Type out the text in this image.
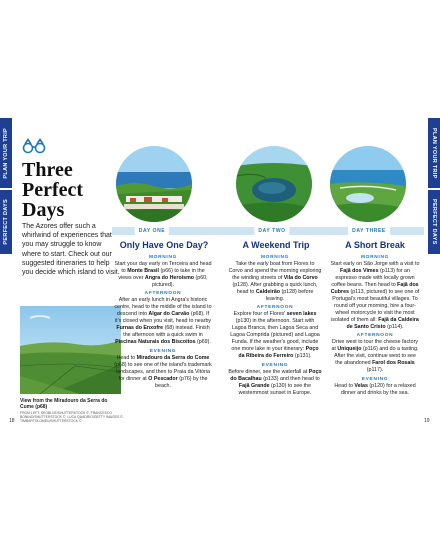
PLAN YOUR TRIP
PERFECT DAYS
PLAN YOUR TRIP
PERFECT DAYS
Three
Perfect
Days
The Azores offer such a whirlwind of experiences that you may struggle to know where to start. Check out our suggested itineraries to help you decide which island to visit.
View from the Miradouro da Serra do Cume (p68)
FROM LEFT: SEOBLUE/SHUTTERSTOCK ©, FRANCESCO BONINO/SHUTTERSTOCK ©, LUCA QUADRIO/GETTY IMAGES ©, TIMBARTOLOMEU/SHUTTERSTOCK ©
18	19
DAY ONE	DAY TWO	DAY THREE
Only Have One Day?	A Weekend Trip	A Short Break

MORNING

Start your day early on Terceira and head to Monte Brasil (p66) to take in the views over Angra do Heroísmo (p60, pictured).

AFTERNOON

After an early lunch in Angra's historic centre, head to the middle of the island to descend into Algar do Carvão (p68). If it's closed when you visit, head to nearby Furnas do Enxofre (68) instead. Finish the afternoon with a quick swim in Piscinas Naturais dos Biscoitos (p69).

EVENING

Head to Miradouro da Serra do Come (p68) to see one of the island's trademark landscapes, and then to Praia da Vitória for dinner at O Pescador (p76) by the beach.

MORNING

Take the early boat from Flores to Corvo and spend the morning exploring the winding streets of Vila do Corvo (p128). After grabbing a quick lunch, head to Caldeirão (p128) before leaving.

AFTERNOON

Explore four of Flores' seven lakes (p130) in the afternoon. Start with Lagoa Branca, then Lagoa Seca and Lagoa Comprida (pictured) and Lagoa Funda. If the weather's good, include one more lake in your itinerary: Poço da Ribeira do Ferreiro (p131).

EVENING

Before dinner, see the waterfall at Poço do Bacalhau (p133) and then head to Fajã Grande (p130) to see the westernmost sunset in Europe.

MORNING

Start early on São Jorge with a visit to Fajã dos Vimes (p113) for an espresso made with locally grown coffee beans. Then head to Fajã dos Cubres (p113, pictured) to see one of Portugal's most beautiful villages. To round off your morning, hire a four-wheel motorcycle to visit the most isolated of them all: Fajã da Caldeira de Santo Cristo (p114).

AFTERNOON

Drive west to tour the cheese factory at Uniqueijo (p116) and do a tasting. After the visit, continue west to see the abandoned Farol dos Rosais (p117).

EVENING

Head to Velas (p120) for a relaxed dinner and drinks by the sea.
